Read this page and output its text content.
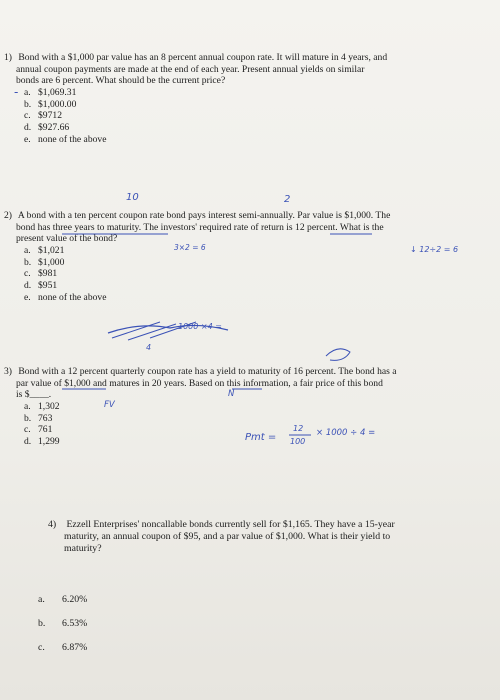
1) Bond with a $1,000 par value has an 8 percent annual coupon rate. It will mature in 4 years, and
annual coupon payments are made at the end of each year. Present annual yields on similar
bonds are 6 percent. What should be the current price?

a. $1,069.31
b. $1,000.00
c. $9712
d. $927.66
e. none of the above
-
10	2

2) A bond with a ten percent coupon rate bond pays interest semi-annually. Par value is $1,000. The
bond has three years to maturity. The investors' required rate of return is 12 percent. What is the
present value of the bond?

a. $1,021
b. $1,000
c. $981
d. $951
e. none of the above
3×2 = 6	↓ 12÷2 = 6
1000 ×4 =
4

3) Bond with a 12 percent quarterly coupon rate has a yield to maturity of 16 percent. The bond has a
par value of $1,000 and matures in 20 years. Based on this information, a fair price of this bond
is $____.

a. 1,302
b. 763
c. 761
d. 1,299
N
FV
Pmt =
12
100
× 1000 ÷ 4 =

4) Ezzell Enterprises' noncallable bonds currently sell for $1,165. They have a 15-year
maturity, an annual coupon of $95, and a par value of $1,000. What is their yield to
maturity?

a. 6.20%
b. 6.53%
c. 6.87%
